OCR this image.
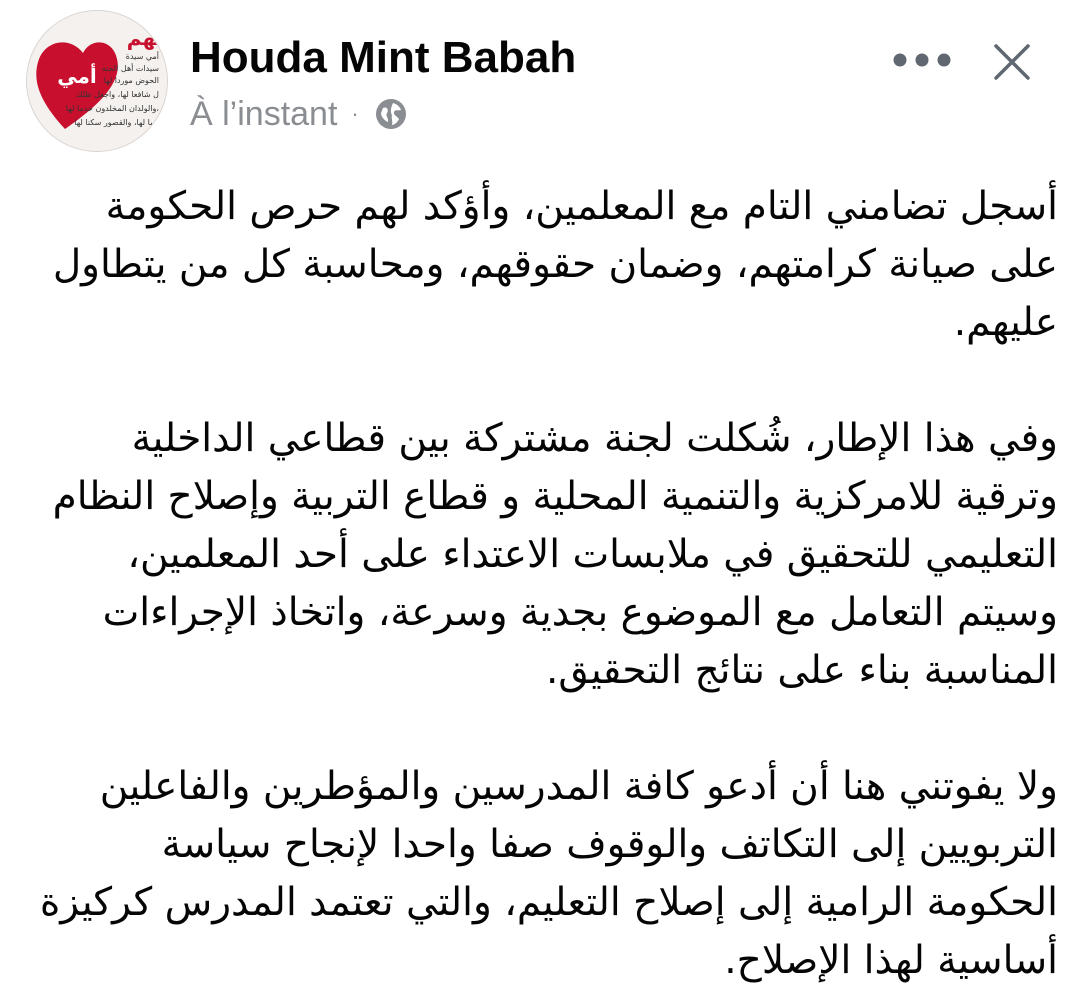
أمي
لهم
أمي سيدة
سيدات أهل الجنة
الحوض موردا لها
ل شافعا لها، واجعل ظلك
والولدان المخلدون خدما لها،
أسا لها، والقصور سكنا لها
Houda Mint Babah
À l’instant ·

أسجل تضامني التام مع المعلمين، وأؤكد لهم حرص الحكومة على صيانة كرامتهم، وضمان حقوقهم، ومحاسبة كل من يتطاول عليهم.

وفي هذا الإطار، شُكلت لجنة مشتركة بين قطاعي الداخلية وترقية للامركزية والتنمية المحلية و قطاع التربية وإصلاح النظام التعليمي للتحقيق في ملابسات الاعتداء على أحد المعلمين، وسيتم التعامل مع الموضوع بجدية وسرعة، واتخاذ الإجراءات المناسبة بناء على نتائج التحقيق.

ولا يفوتني هنا أن أدعو كافة المدرسين والمؤطرين والفاعلين التربويين إلى التكاتف والوقوف صفا واحدا لإنجاح سياسة الحكومة الرامية إلى إصلاح التعليم، والتي تعتمد المدرس كركيزة أساسية لهذا الإصلاح.
